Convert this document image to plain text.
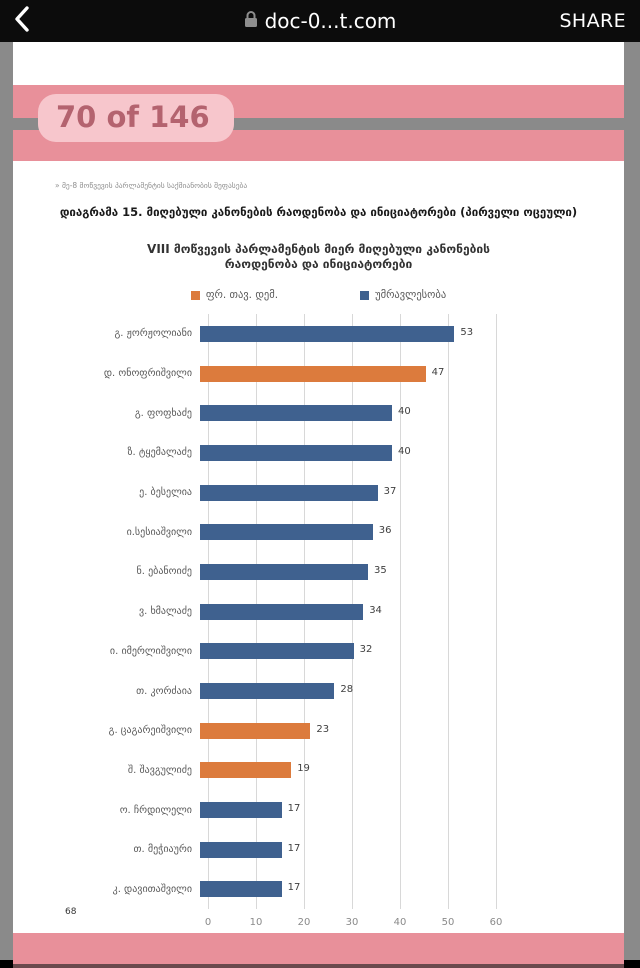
doc-0...t.com	SHARE
» მე-8 მოწვევის პარლამენტის საქმიანობის შეფასება
დიაგრამა 15. მიღებული კანონების რაოდენობა და ინიციატორები (პირველი ოცეული)
VIII მოწვევის პარლამენტის მიერ მიღებული კანონების
რაოდენობა და ინიციატორები
ფრ. თავ. დემ.	უმრავლესობა
გ. ჟორჟოლიანი	53
დ. ონოფრიშვილი	47
გ. ფოფხაძე	40
ზ. ტყემალაძე	40
ე. ბესელია	37
ი.სესიაშვილი	36
ნ. ებანოიძე	35
ვ. ხმალაძე	34
ი. იმერლიშვილი	32
თ. კორძაია	28
გ. ცაგარეიშვილი	23
შ. შავგულიძე	19
ო. ჩრდილელი	17
თ. მეჭიაური	17
კ. დავითაშვილი	17
0	10	20	30	40	50	60
68
70 of 146
